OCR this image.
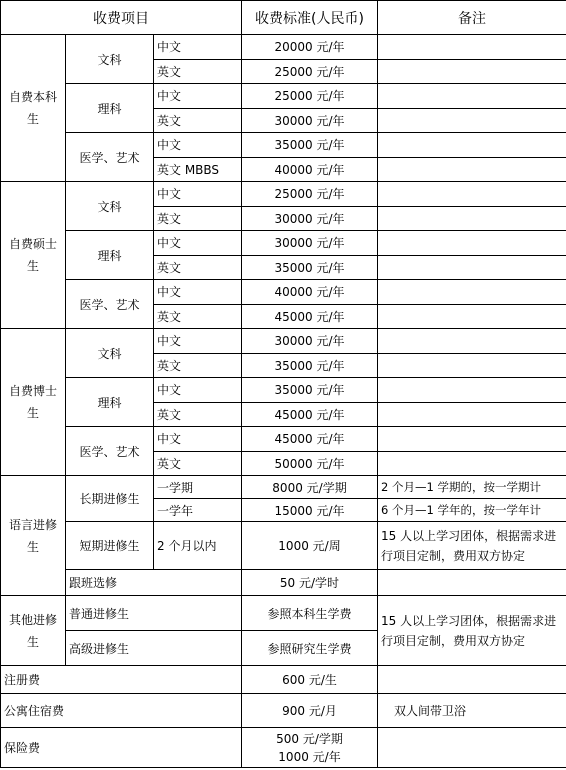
收费项目			收费标准(人民币)	备注
自费本科生	文科	中文	20000 元/年	
		英文	25000 元/年	
	理科	中文	25000 元/年	
		英文	30000 元/年	
	医学、艺术	中文	35000 元/年	
		英文 MBBS	40000 元/年	
自费硕士生	文科	中文	25000 元/年	
		英文	30000 元/年	
	理科	中文	30000 元/年	
		英文	35000 元/年	
	医学、艺术	中文	40000 元/年	
		英文	45000 元/年	
自费博士生	文科	中文	30000 元/年	
		英文	35000 元/年	
	理科	中文	35000 元/年	
		英文	45000 元/年	
	医学、艺术	中文	45000 元/年	
		英文	50000 元/年	
语言进修生	长期进修生	一学期	8000 元/学期	2 个月—1 学期的，按一学期计
		一学年	15000 元/年	6 个月—1 学年的，按一学年计
	短期进修生	2 个月以内	1000 元/周	15 人以上学习团体，根据需求进行项目定制，费用双方协定
	跟班选修		50 元/学时	
其他进修生	普通进修生		参照本科生学费	15 人以上学习团体，根据需求进行项目定制，费用双方协定
	高级进修生		参照研究生学费	
注册费			600 元/生	
公寓住宿费			900 元/月	双人间带卫浴
保险费			500 元/学期
1000 元/年	
